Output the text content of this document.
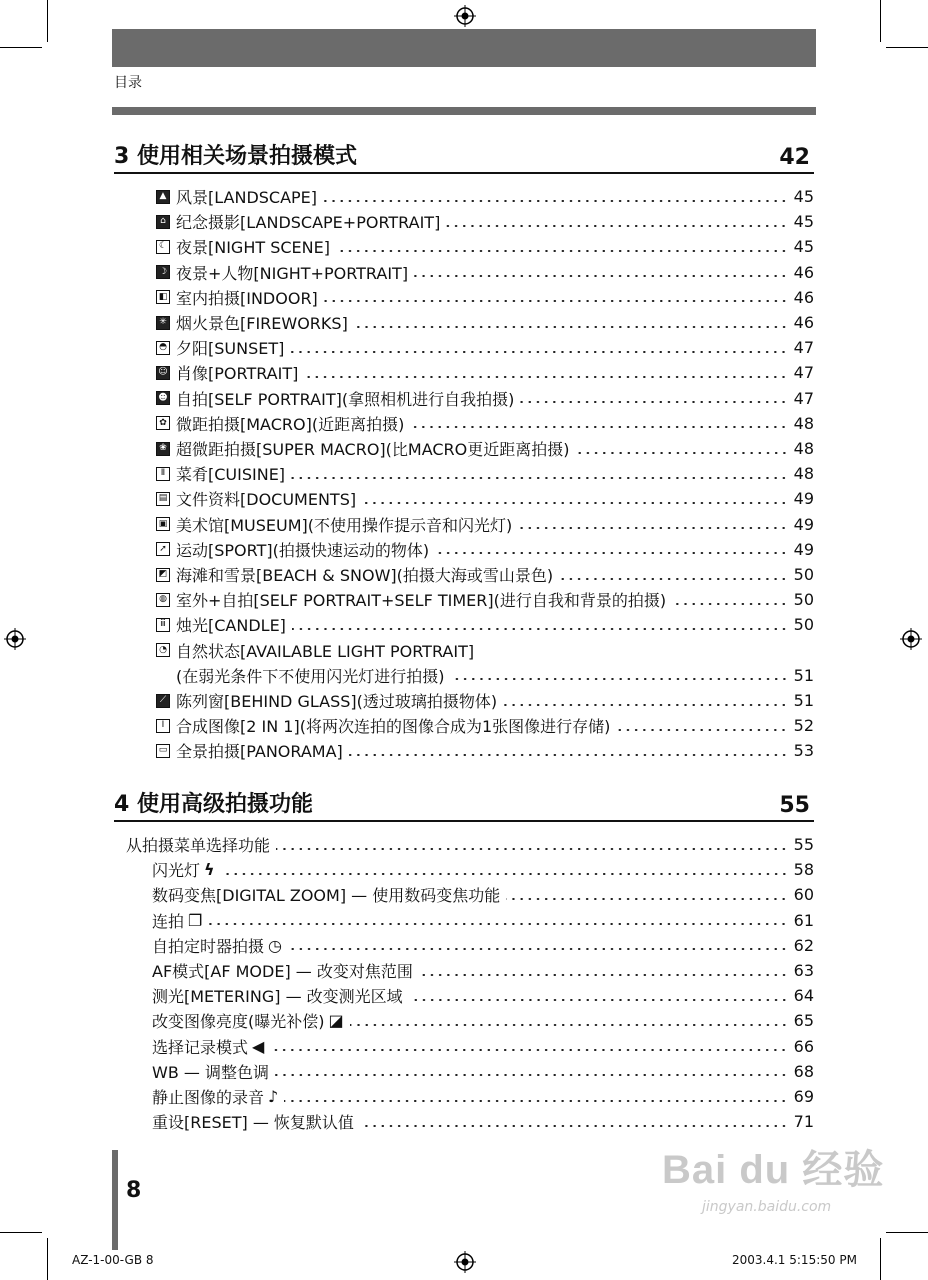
目录
3 使用相关场景拍摄模式	42
▲ 风景[LANDSCAPE]	45
⌂ 纪念摄影[LANDSCAPE+PORTRAIT]	45
☾ 夜景[NIGHT SCENE]	45
☽ 夜景+人物[NIGHT+PORTRAIT]	46
◧ 室内拍摄[INDOOR]	46
✳ 烟火景色[FIREWORKS]	46
◓ 夕阳[SUNSET]	47
☺ 肖像[PORTRAIT]	47
☻ 自拍[SELF PORTRAIT](拿照相机进行自我拍摄)	47
✿ 微距拍摄[MACRO](近距离拍摄)	48
❀ 超微距拍摄[SUPER MACRO](比MACRO更近距离拍摄)	48
Ⅱ 菜肴[CUISINE]	48
▤ 文件资料[DOCUMENTS]	49
▣ 美术馆[MUSEUM](不使用操作提示音和闪光灯)	49
➚ 运动[SPORT](拍摄快速运动的物体)	49
◩ 海滩和雪景[BEACH & SNOW](拍摄大海或雪山景色)	50
◍ 室外+自拍[SELF PORTRAIT+SELF TIMER](进行自我和背景的拍摄)	50
ⅲ 烛光[CANDLE]	50
◔ 自然状态[AVAILABLE LIGHT PORTRAIT]
(在弱光条件下不使用闪光灯进行拍摄)	51
⟋ 陈列窗[BEHIND GLASS](透过玻璃拍摄物体)	51
Ⅰ 合成图像[2 IN 1](将两次连拍的图像合成为1张图像进行存储)	52
▭ 全景拍摄[PANORAMA]	53
4 使用高级拍摄功能	55
从拍摄菜单选择功能	55
闪光灯 ϟ	58
数码变焦[DIGITAL ZOOM] — 使用数码变焦功能	60
连拍 ❐	61
自拍定时器拍摄 ◷	62
AF模式[AF MODE] — 改变对焦范围	63
测光[METERING] — 改变测光区域	64
改变图像亮度(曝光补偿) ◪	65
选择记录模式 ◀	66
WB — 调整色调	68
静止图像的录音 ♪	69
重设[RESET] — 恢复默认值	71
8
AZ-1-00-GB 8	2003.4.1 5:15:50 PM
Bai du 经验
jingyan.baidu.com
